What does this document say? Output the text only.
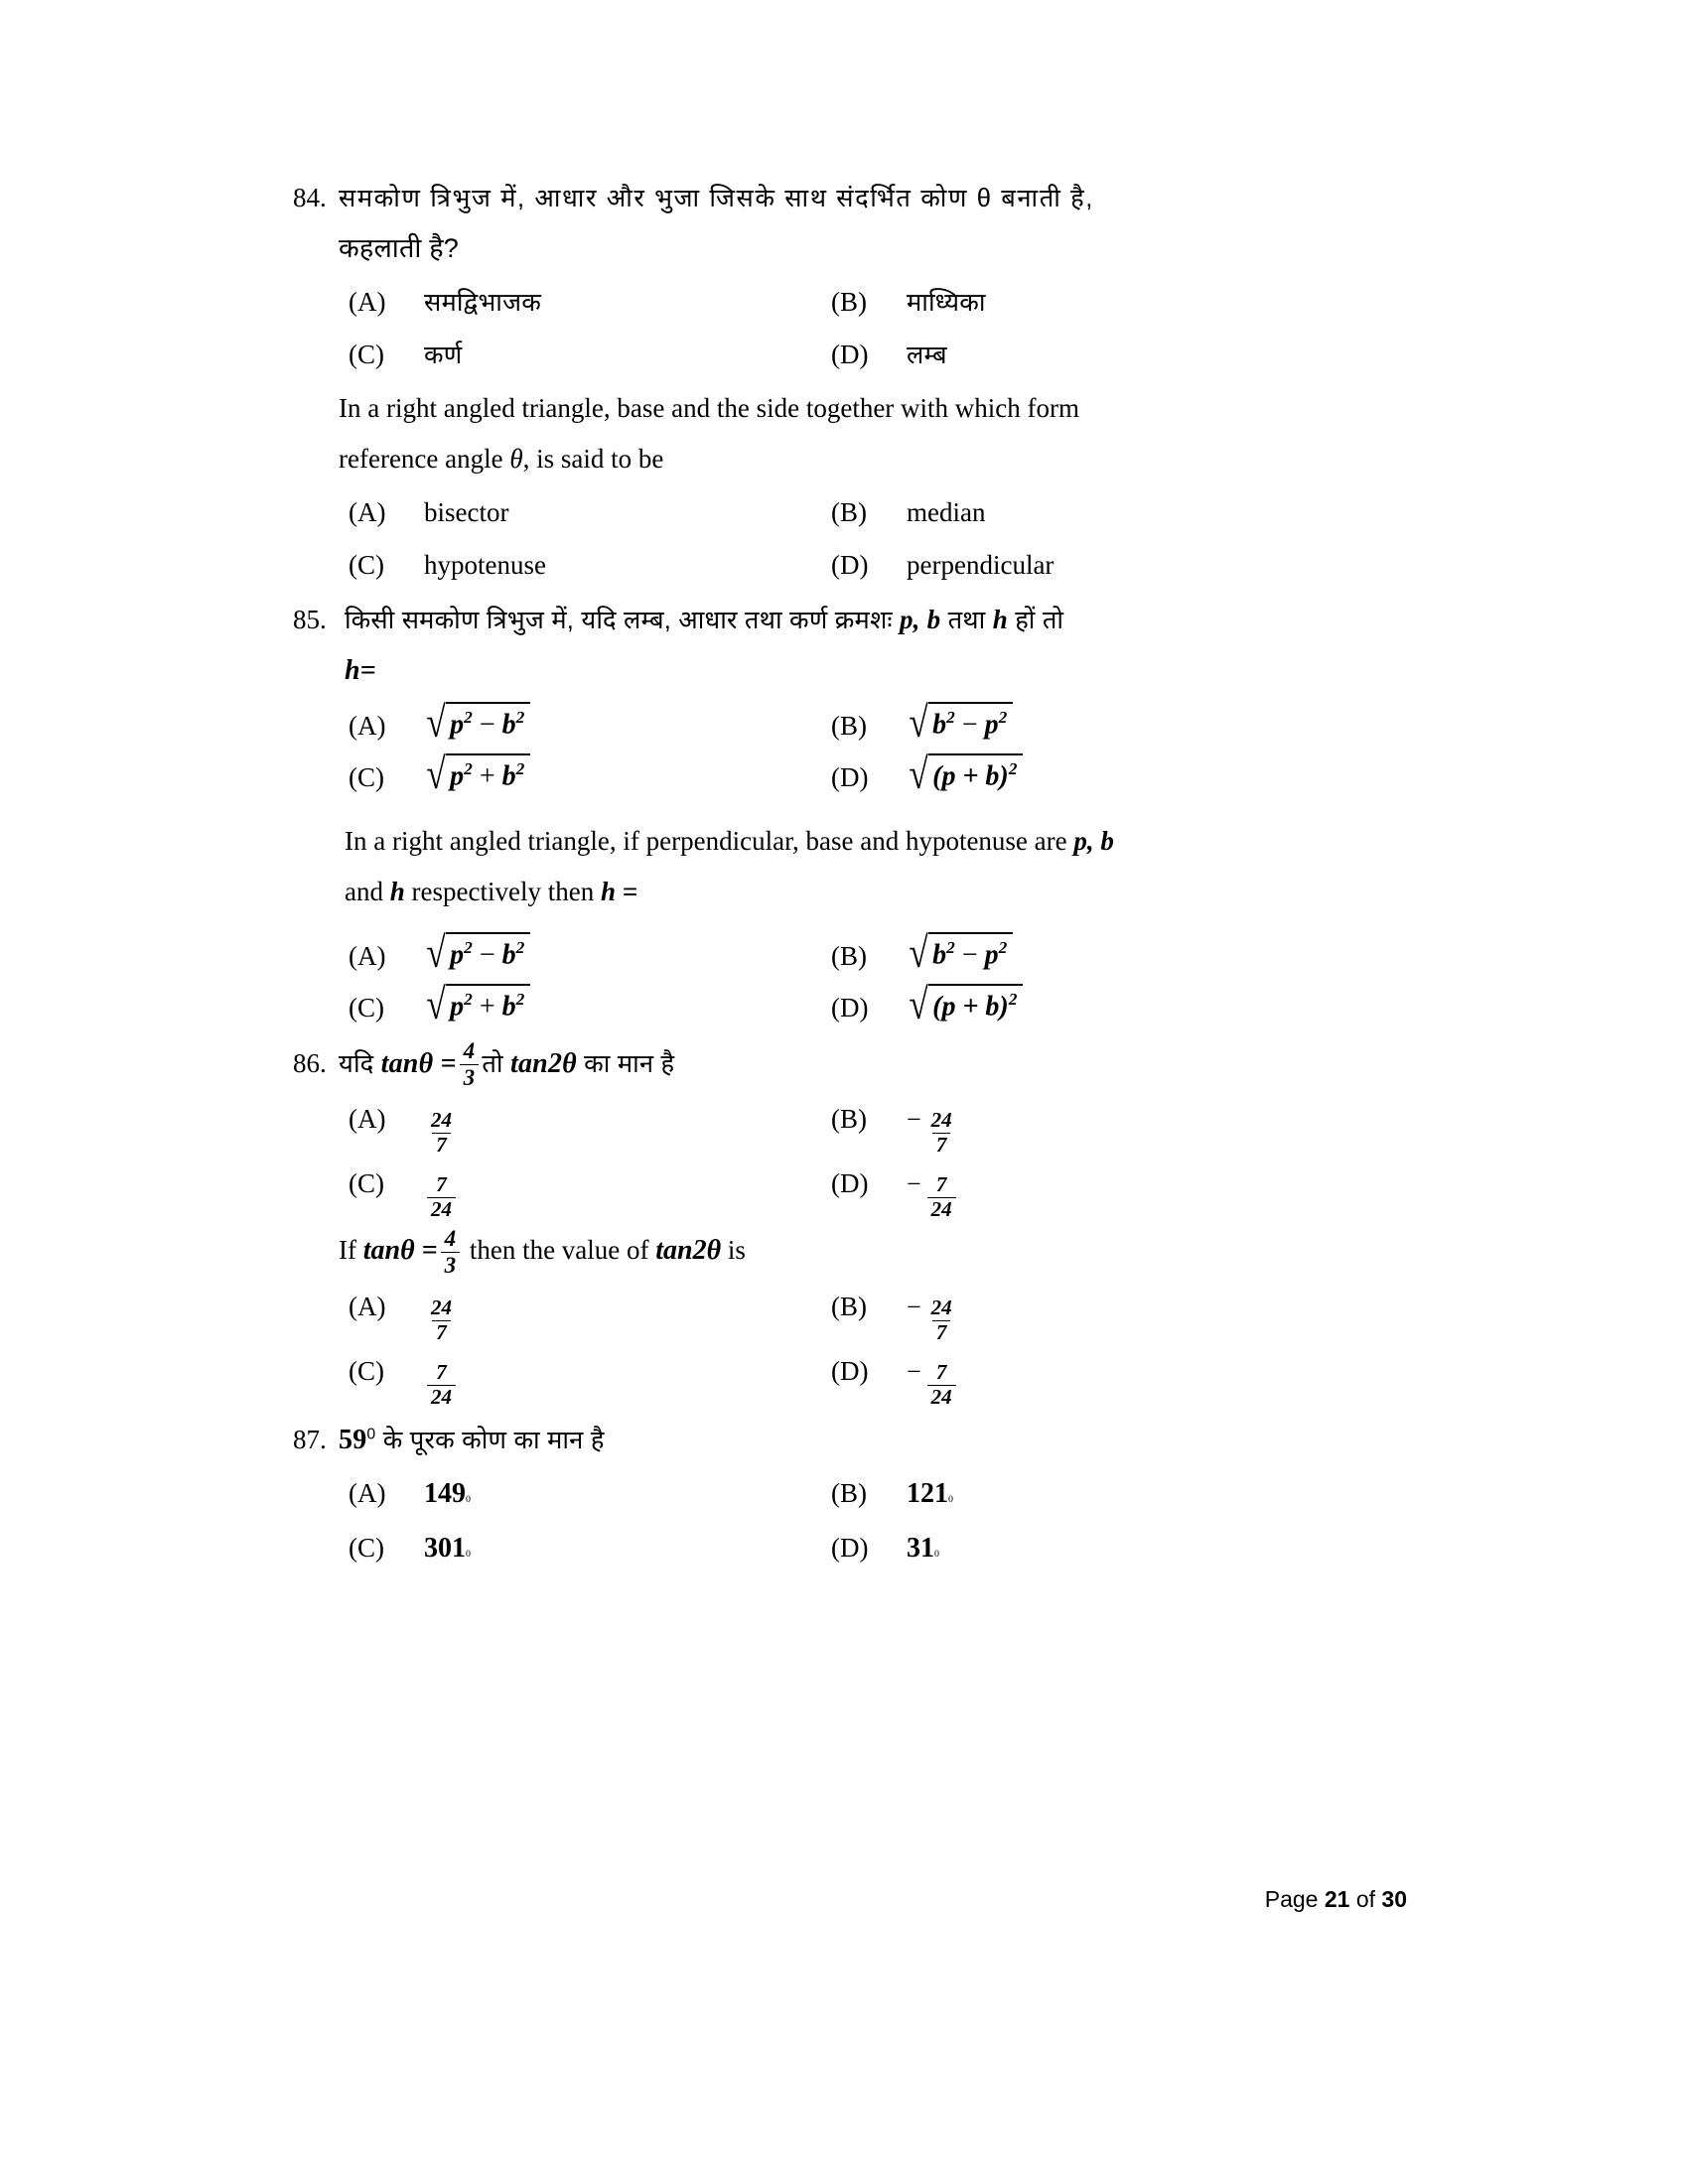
84. समकोण त्रिभुज में, आधार और भुजा जिसके साथ संदर्भित कोण θ बनाती है,
कहलाती है?
(A)	समद्विभाजक	(B)	माध्यिका
(C)	कर्ण	(D)	लम्ब
In a right angled triangle, base and the side together with which form
reference angle θ, is said to be
(A)	bisector	(B)	median
(C)	hypotenuse	(D)	perpendicular
85. किसी समकोण त्रिभुज में, यदि लम्ब, आधार तथा कर्ण क्रमशः p, b तथा h हों तो
h=
(A) √ $p^2 - b^2$	(B) √ $b^2 - p^2$
(C) √ $p^2 + b^2$	(D) √ $(p + b)^2$
In a right angled triangle, if perpendicular, base and hypotenuse are p, b
and h respectively then h =
(A) √ $p^2 - b^2$	(B) √ $b^2 - p^2$
(C) √ $p^2 + b^2$	(D) √ $(p + b)^2$
86. यदि $\tan\theta = \frac{4}{3}$ तो tan2θ का मान है
(A)	$\frac{24}{7}$	(B)	− $\frac{24}{7}$
(C)	$\frac{7}{24}$	(D)	− $\frac{7}{24}$
If $\tan\theta = \frac{4}{3}$ then the value of tan2θ is
(A)	$\frac{24}{7}$	(B)	− $\frac{24}{7}$
(C)	$\frac{7}{24}$	(D)	− $\frac{7}{24}$
87. $59^0$ के पूरक कोण का मान है
(A)	$149_0$	(B)	$121_0$
(C)	$301_0$	(D)	$31_0$
Page 21 of 30
